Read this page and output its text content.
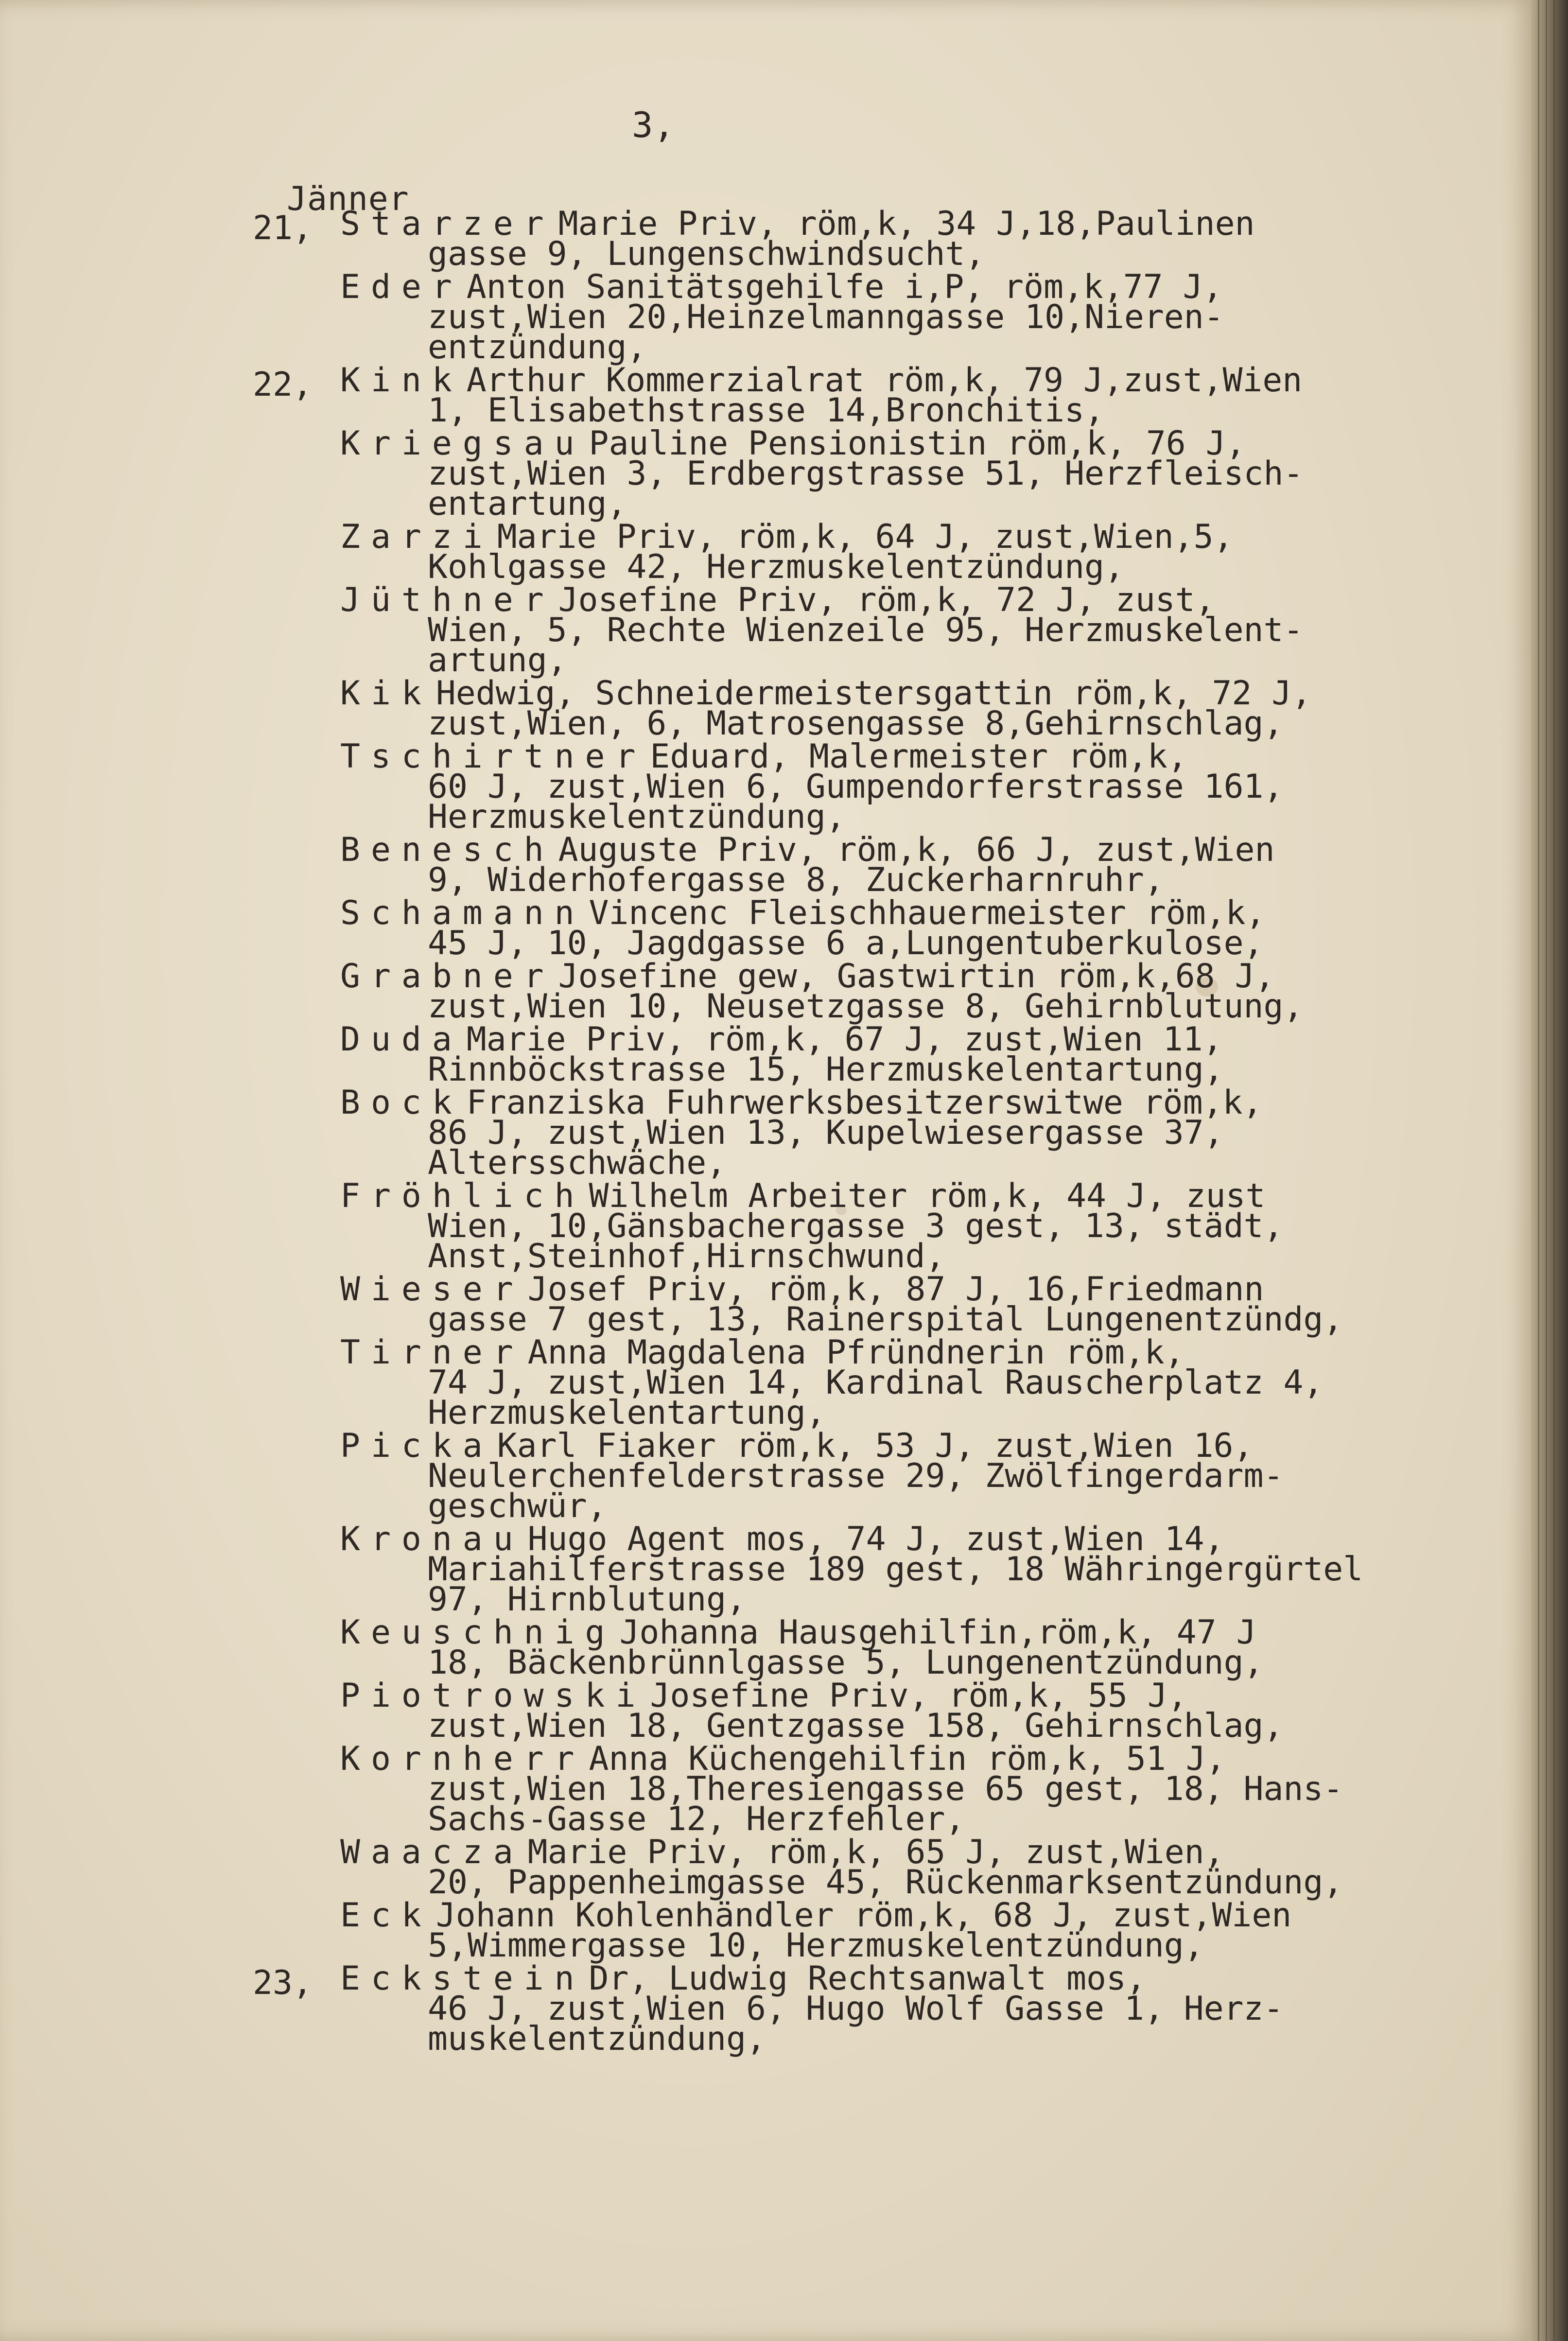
3,
Jänner
21, Starzer Marie Priv, röm,k, 34 J,18,Paulinen
gasse 9, Lungenschwindsucht,
Eder Anton Sanitätsgehilfe i,P, röm,k,77 J,
zust,Wien 20,Heinzelmanngasse 10,Nieren-
entzündung,
22, Kink Arthur Kommerzialrat röm,k, 79 J,zust,Wien
1, Elisabethstrasse 14,Bronchitis,
Kriegsau Pauline Pensionistin röm,k, 76 J,
zust,Wien 3, Erdbergstrasse 51, Herzfleisch-
entartung,
Zarzi Marie Priv, röm,k, 64 J, zust,Wien,5,
Kohlgasse 42, Herzmuskelentzündung,
Jüthner Josefine Priv, röm,k, 72 J, zust,
Wien, 5, Rechte Wienzeile 95, Herzmuskelent-
artung,
Kik Hedwig, Schneidermeistersgattin röm,k, 72 J,
zust,Wien, 6, Matrosengasse 8,Gehirnschlag,
Tschirtner Eduard, Malermeister röm,k,
60 J, zust,Wien 6, Gumpendorferstrasse 161,
Herzmuskelentzündung,
Benesch Auguste Priv, röm,k, 66 J, zust,Wien
9, Widerhofergasse 8, Zuckerharnruhr,
Schamann Vincenc Fleischhauermeister röm,k,
45 J, 10, Jagdgasse 6 a,Lungentuberkulose,
Grabner Josefine gew, Gastwirtin röm,k,68 J,
zust,Wien 10, Neusetzgasse 8, Gehirnblutung,
Duda Marie Priv, röm,k, 67 J, zust,Wien 11,
Rinnböckstrasse 15, Herzmuskelentartung,
Bock Franziska Fuhrwerksbesitzerswitwe röm,k,
86 J, zust,Wien 13, Kupelwiesergasse 37,
Altersschwäche,
Fröhlich Wilhelm Arbeiter röm,k, 44 J, zust
Wien, 10,Gänsbachergasse 3 gest, 13, städt,
Anst,Steinhof,Hirnschwund,
Wieser Josef Priv, röm,k, 87 J, 16,Friedmann
gasse 7 gest, 13, Rainerspital Lungenentzündg,
Tirner Anna Magdalena Pfründnerin röm,k,
74 J, zust,Wien 14, Kardinal Rauscherplatz 4,
Herzmuskelentartung,
Picka Karl Fiaker röm,k, 53 J, zust,Wien 16,
Neulerchenfelderstrasse 29, Zwölfingerdarm-
geschwür,
Kronau Hugo Agent mos, 74 J, zust,Wien 14,
Mariahilferstrasse 189 gest, 18 Währingergürtel
97, Hirnblutung,
Keuschnig Johanna Hausgehilfin,röm,k, 47 J
18, Bäckenbrünnlgasse 5, Lungenentzündung,
Piotrowski Josefine Priv, röm,k, 55 J,
zust,Wien 18, Gentzgasse 158, Gehirnschlag,
Kornherr Anna Küchengehilfin röm,k, 51 J,
zust,Wien 18,Theresiengasse 65 gest, 18, Hans-
Sachs-Gasse 12, Herzfehler,
Waacza Marie Priv, röm,k, 65 J, zust,Wien,
20, Pappenheimgasse 45, Rückenmarksentzündung,
Eck Johann Kohlenhändler röm,k, 68 J, zust,Wien
5,Wimmergasse 10, Herzmuskelentzündung,
23, Eckstein Dr, Ludwig Rechtsanwalt mos,
46 J, zust,Wien 6, Hugo Wolf Gasse 1, Herz-
muskelentzündung,
